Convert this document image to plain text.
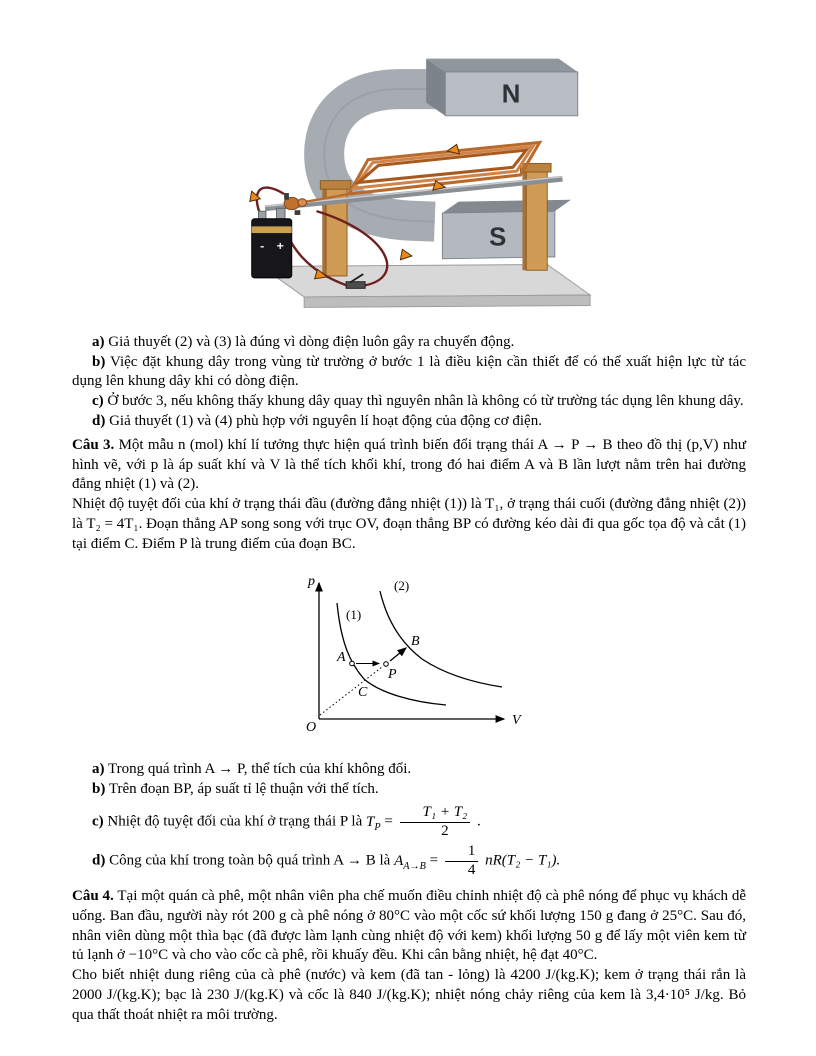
N
S
- +

a) Giả thuyết (2) và (3) là đúng vì dòng điện luôn gây ra chuyển động.

b) Việc đặt khung dây trong vùng từ trường ở bước 1 là điều kiện cần thiết để có thể xuất hiện lực từ tác dụng lên khung dây khi có dòng điện.

c) Ở bước 3, nếu không thấy khung dây quay thì nguyên nhân là không có từ trường tác dụng lên khung dây.

d) Giả thuyết (1) và (4) phù hợp với nguyên lí hoạt động của động cơ điện.

Câu 3. Một mẫu n (mol) khí lí tưởng thực hiện quá trình biến đổi trạng thái A → P → B theo đồ thị (p,V) như hình vẽ, với p là áp suất khí và V là thể tích khối khí, trong đó hai điểm A và B lần lượt nằm trên hai đường đẳng nhiệt (1) và (2).

Nhiệt độ tuyệt đối của khí ở trạng thái đầu (đường đẳng nhiệt (1)) là T₁, ở trạng thái cuối (đường đẳng nhiệt (2)) là T₂ = 4T₁. Đoạn thẳng AP song song với trục OV, đoạn thẳng BP có đường kéo dài đi qua gốc tọa độ và cắt (1) tại điểm C. Điểm P là trung điểm của đoạn BC.

p
V
O
(1)
(2)
A
B
P
C

a) Trong quá trình A → P, thể tích của khí không đổi.

b) Trên đoạn BP, áp suất tỉ lệ thuận với thể tích.

c) Nhiệt độ tuyệt đối của khí ở trạng thái P là $T_P = \frac{\text{T₁ + T₂}}{2}$ .

d) Công của khí trong toàn bộ quá trình A → B là $A_{A\to B} = \frac{1}{4} nR(T_2 - T_1)$.

Câu 4. Tại một quán cà phê, một nhân viên pha chế muốn điều chỉnh nhiệt độ cà phê nóng để phục vụ khách dễ uống. Ban đầu, người này rót 200 g cà phê nóng ở 80°C vào một cốc sứ khối lượng 150 g đang ở 25°C. Sau đó, nhân viên dùng một thìa bạc (đã được làm lạnh cùng nhiệt độ với kem) khối lượng 50 g để lấy một viên kem từ tủ lạnh ở −10°C và cho vào cốc cà phê, rồi khuấy đều. Khi cân bằng nhiệt, hệ đạt 40°C.

Cho biết nhiệt dung riêng của cà phê (nước) và kem (đã tan - lỏng) là 4200 J/(kg.K); kem ở trạng thái rắn là 2000 J/(kg.K); bạc là 230 J/(kg.K) và cốc là 840 J/(kg.K); nhiệt nóng chảy riêng của kem là 3,4·10⁵ J/kg. Bỏ qua thất thoát nhiệt ra môi trường.
